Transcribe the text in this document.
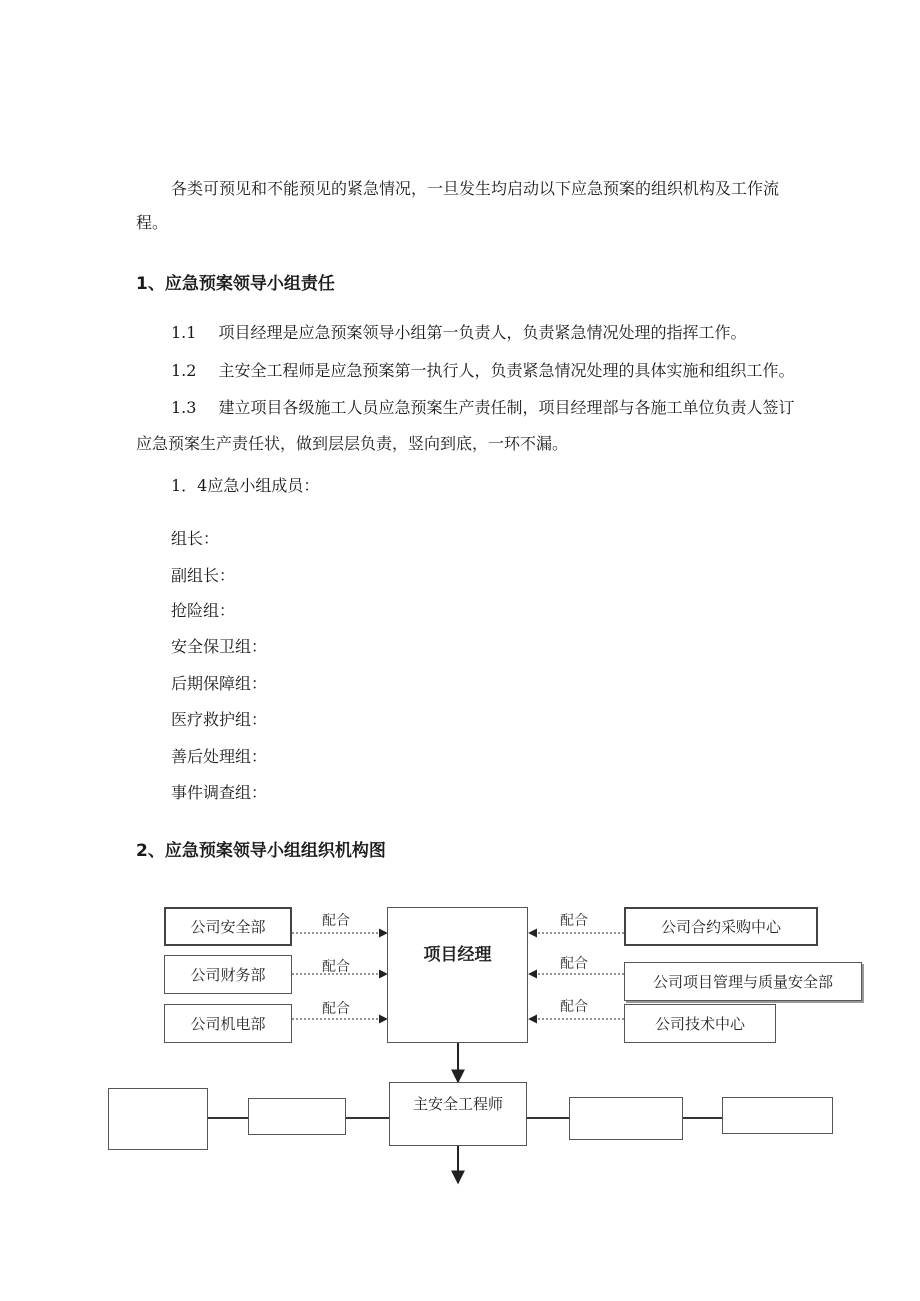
各类可预见和不能预见的紧急情况，一旦发生均启动以下应急预案的组织机构及工作流
程。
1、应急预案领导小组责任
1.1 项目经理是应急预案领导小组第一负责人，负责紧急情况处理的指挥工作。
1.2 主安全工程师是应急预案第一执行人，负责紧急情况处理的具体实施和组织工作。
1.3 建立项目各级施工人员应急预案生产责任制，项目经理部与各施工单位负责人签订
应急预案生产责任状，做到层层负责，竖向到底，一环不漏。
1．4应急小组成员：
组长：
副组长：
抢险组：
安全保卫组：
后期保障组：
医疗救护组：
善后处理组：
事件调查组：
2、应急预案领导小组组织机构图
公司安全部
公司财务部
公司机电部
配合
配合
配合
项目经理
配合
配合
配合
公司合约采购中心
公司项目管理与质量安全部
公司技术中心
主安全工程师
